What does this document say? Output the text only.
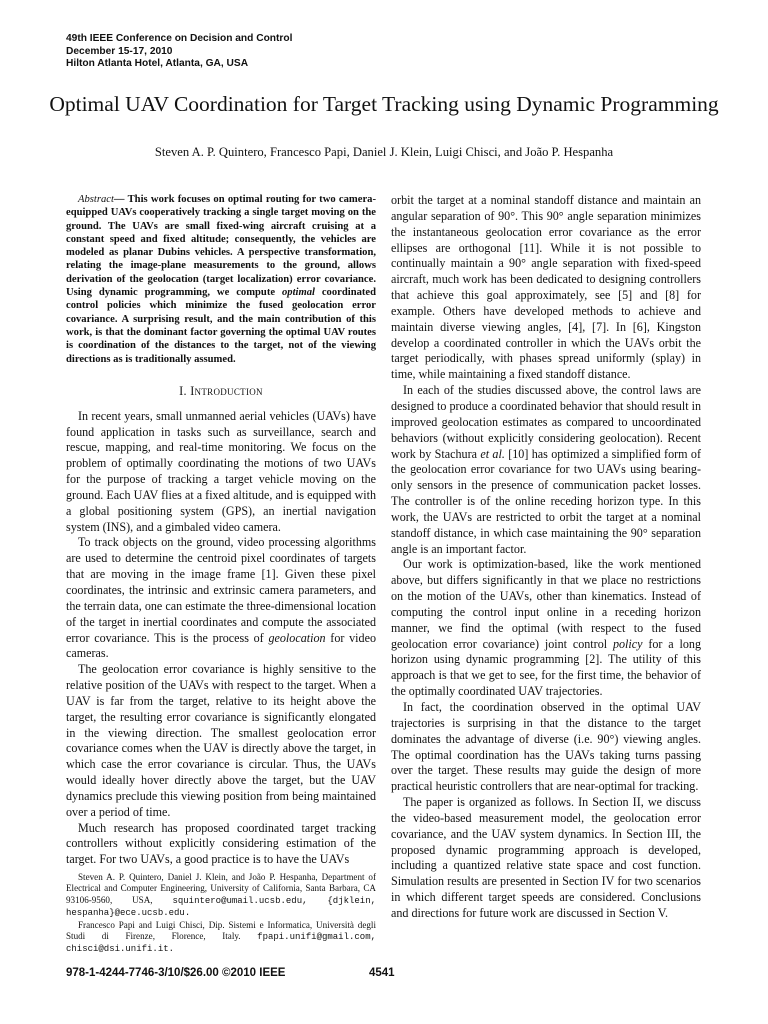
49th IEEE Conference on Decision and Control
December 15-17, 2010
Hilton Atlanta Hotel, Atlanta, GA, USA
Optimal UAV Coordination for Target Tracking using Dynamic Programming
Steven A. P. Quintero, Francesco Papi, Daniel J. Klein, Luigi Chisci, and João P. Hespanha

Abstract— This work focuses on optimal routing for two camera-equipped UAVs cooperatively tracking a single target moving on the ground. The UAVs are small fixed-wing aircraft cruising at a constant speed and fixed altitude; consequently, the vehicles are modeled as planar Dubins vehicles. A perspective transformation, relating the image-plane measurements to the ground, allows derivation of the geolocation (target localization) error covariance. Using dynamic programming, we compute optimal coordinated control policies which minimize the fused geolocation error covariance. A surprising result, and the main contribution of this work, is that the dominant factor governing the optimal UAV routes is coordination of the distances to the target, not of the viewing directions as is traditionally assumed.

I. Introduction

In recent years, small unmanned aerial vehicles (UAVs) have found application in tasks such as surveillance, search and rescue, mapping, and real-time monitoring. We focus on the problem of optimally coordinating the motions of two UAVs for the purpose of tracking a target vehicle moving on the ground. Each UAV flies at a fixed altitude, and is equipped with a global positioning system (GPS), an inertial navigation system (INS), and a gimbaled video camera.

To track objects on the ground, video processing algorithms are used to determine the centroid pixel coordinates of targets that are moving in the image frame [1]. Given these pixel coordinates, the intrinsic and extrinsic camera parameters, and the terrain data, one can estimate the three-dimensional location of the target in inertial coordinates and compute the associated error covariance. This is the process of geolocation for video cameras.

The geolocation error covariance is highly sensitive to the relative position of the UAVs with respect to the target. When a UAV is far from the target, relative to its height above the target, the resulting error covariance is significantly elongated in the viewing direction. The smallest geolocation error covariance comes when the UAV is directly above the target, in which case the error covariance is circular. Thus, the UAVs would ideally hover directly above the target, but the UAV dynamics preclude this viewing position from being maintained over a period of time.

Much research has proposed coordinated target tracking controllers without explicitly considering estimation of the target. For two UAVs, a good practice is to have the UAVs

orbit the target at a nominal standoff distance and maintain an angular separation of 90°. This 90° angle separation minimizes the instantaneous geolocation error covariance as the error ellipses are orthogonal [11]. While it is not possible to continually maintain a 90° angle separation with fixed-speed aircraft, much work has been dedicated to designing controllers that achieve this goal approximately, see [5] and [8] for example. Others have developed methods to achieve and maintain diverse viewing angles, [4], [7]. In [6], Kingston develop a coordinated controller in which the UAVs orbit the target periodically, with phases spread uniformly (splay) in time, while maintaining a fixed standoff distance.

In each of the studies discussed above, the control laws are designed to produce a coordinated behavior that should result in improved geolocation estimates as compared to uncoordinated behaviors (without explicitly considering geolocation). Recent work by Stachura et al. [10] has optimized a simplified form of the geolocation error covariance for two UAVs using bearing-only sensors in the presence of communication packet losses. The controller is of the online receding horizon type. In this work, the UAVs are restricted to orbit the target at a nominal standoff distance, in which case maintaining the 90° separation angle is an important factor.

Our work is optimization-based, like the work mentioned above, but differs significantly in that we place no restrictions on the motion of the UAVs, other than kinematics. Instead of computing the control input online in a receding horizon manner, we find the optimal (with respect to the fused geolocation error covariance) joint control policy for a long horizon using dynamic programming [2]. The utility of this approach is that we get to see, for the first time, the behavior of the optimally coordinated UAV trajectories.

In fact, the coordination observed in the optimal UAV trajectories is surprising in that the distance to the target dominates the advantage of diverse (i.e. 90°) viewing angles. The optimal coordination has the UAVs taking turns passing over the target. These results may guide the design of more practical heuristic controllers that are near-optimal for tracking.

The paper is organized as follows. In Section II, we discuss the video-based measurement model, the geolocation error covariance, and the UAV system dynamics. In Section III, the proposed dynamic programming approach is developed, including a quantized relative state space and cost function. Simulation results are presented in Section IV for two scenarios in which different target speeds are considered. Conclusions and directions for future work are discussed in Section V.

Steven A. P. Quintero, Daniel J. Klein, and João P. Hespanha, Department of Electrical and Computer Engineering, University of California, Santa Barbara, CA 93106-9560, USA, squintero@umail.ucsb.edu, {djklein, hespanha}@ece.ucsb.edu.

Francesco Papi and Luigi Chisci, Dip. Sistemi e Informatica, Università degli Studi di Firenze, Florence, Italy. fpapi.unifi@gmail.com, chisci@dsi.unifi.it.

978-1-4244-7746-3/10/$26.00 ©2010 IEEE	4541
